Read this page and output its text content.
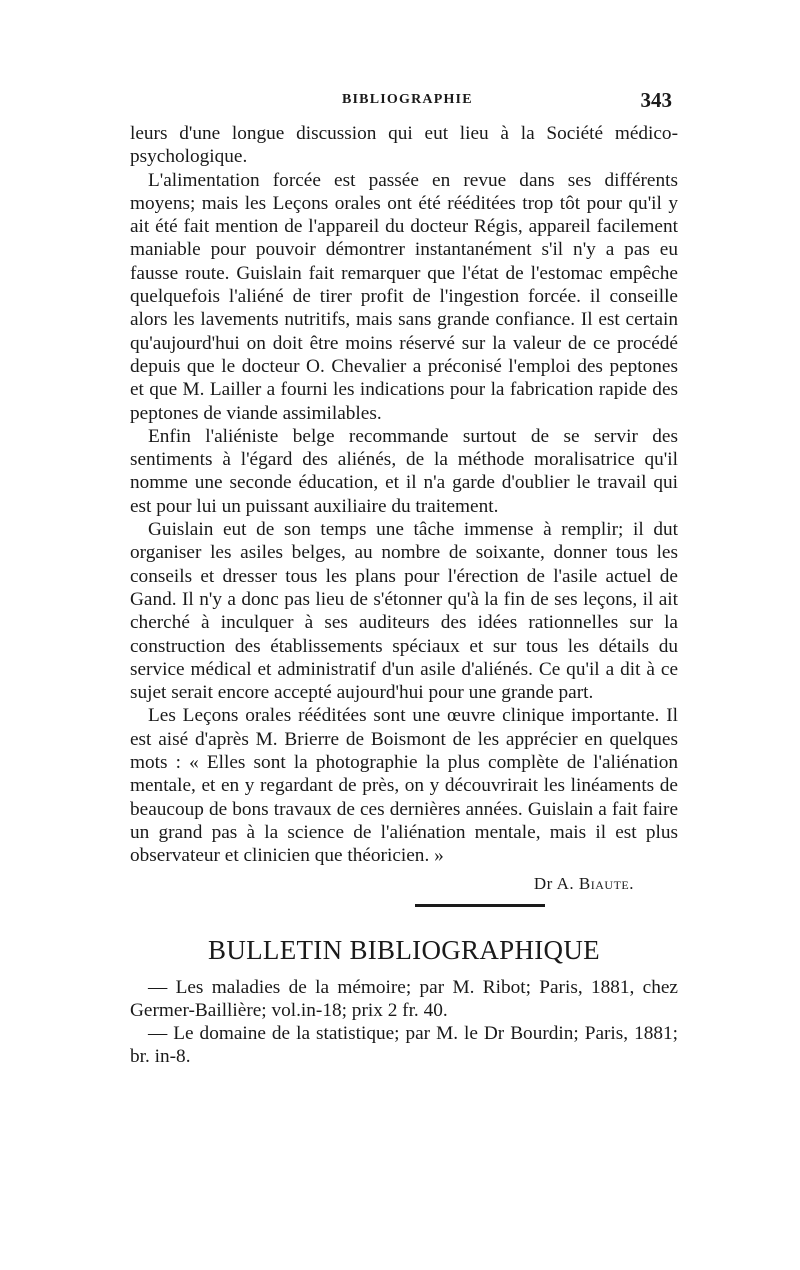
BIBLIOGRAPHIE	343

leurs d'une longue discussion qui eut lieu à la Société médico-psychologique.

L'alimentation forcée est passée en revue dans ses différents moyens; mais les Leçons orales ont été rééditées trop tôt pour qu'il y ait été fait mention de l'appareil du docteur Régis, appareil facilement maniable pour pouvoir démontrer instantanément s'il n'y a pas eu fausse route. Guislain fait remarquer que l'état de l'estomac empêche quelquefois l'aliéné de tirer profit de l'ingestion forcée. il conseille alors les lavements nutritifs, mais sans grande confiance. Il est certain qu'aujourd'hui on doit être moins réservé sur la valeur de ce procédé depuis que le docteur O. Chevalier a préconisé l'emploi des peptones et que M. Lailler a fourni les indications pour la fabrication rapide des peptones de viande assimilables.

Enfin l'aliéniste belge recommande surtout de se servir des sentiments à l'égard des aliénés, de la méthode moralisatrice qu'il nomme une seconde éducation, et il n'a garde d'oublier le travail qui est pour lui un puissant auxiliaire du traitement.

Guislain eut de son temps une tâche immense à remplir; il dut organiser les asiles belges, au nombre de soixante, donner tous les conseils et dresser tous les plans pour l'érection de l'asile actuel de Gand. Il n'y a donc pas lieu de s'étonner qu'à la fin de ses leçons, il ait cherché à inculquer à ses auditeurs des idées rationnelles sur la construction des établissements spéciaux et sur tous les détails du service médical et administratif d'un asile d'aliénés. Ce qu'il a dit à ce sujet serait encore accepté aujourd'hui pour une grande part.

Les Leçons orales rééditées sont une œuvre clinique importante. Il est aisé d'après M. Brierre de Boismont de les apprécier en quelques mots : « Elles sont la photographie la plus complète de l'aliénation mentale, et en y regardant de près, on y découvrirait les linéaments de beaucoup de bons travaux de ces dernières années. Guislain a fait faire un grand pas à la science de l'aliénation mentale, mais il est plus observateur et clinicien que théoricien. »

Dr A. Biaute.
BULLETIN BIBLIOGRAPHIQUE

— Les maladies de la mémoire; par M. Ribot; Paris, 1881, chez Germer-Baillière; vol.in-18; prix 2 fr. 40.

— Le domaine de la statistique; par M. le Dr Bourdin; Paris, 1881; br. in-8.
